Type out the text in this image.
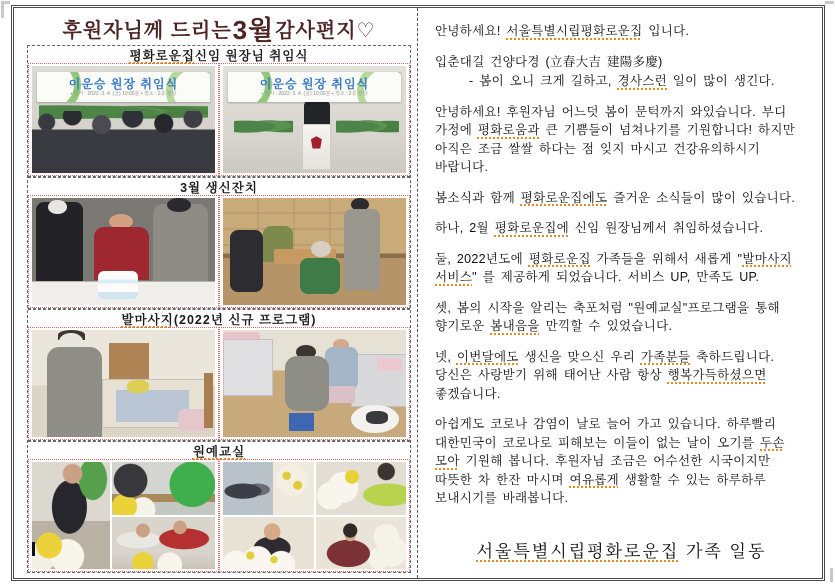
후원자님께 드리는 3월 감사편지♡
평화로운집 신임 원장님 취임식
이운승 원장 취임식
▪ 일시 : 2022. 3. 4. (금) 10:00분 ▪ 장소 : 2층 강당
이운승 원장 취임식
▪ 일시 : 2022. 3. 4. (금) 10:00분 ▪ 장소 : 2층 강당
3월 생신잔치
발마사지 (2022년 신규 프로그램)
원예교실

안녕하세요! 서울특별시립평화로운집 입니다.

입춘대길 건양다경 (立春大吉 建陽多慶)

- 봄이 오니 크게 길하고, 경사스런 일이 많이 생긴다.

안녕하세요! 후원자님 어느덧 봄이 문턱까지 와있습니다. 부디 가정에 평화로움과 큰 기쁨들이 넘쳐나기를 기원합니다! 하지만 아직은 조금 쌀쌀 하다는 점 잊지 마시고 건강유의하시기 바랍니다.

봄소식과 함께 평화로운집에도 즐거운 소식들이 많이 있습니다.

하나, 2월 평화로운집에 신임 원장님께서 취임하셨습니다.

둘, 2022년도에 평화로운집 가족들을 위해서 새롭게 "발마사지 서비스" 를 제공하게 되었습니다. 서비스 UP, 만족도 UP.

셋, 봄의 시작을 알리는 축포처럼 "원예교실"프로그램을 통해 향기로운 봄내음을 만끽할 수 있었습니다.

넷, 이번달에도 생신을 맞으신 우리 가족분들 축하드립니다. 당신은 사랑받기 위해 태어난 사람 항상 행복가득하셨으면 좋겠습니다.

아쉽게도 코로나 감염이 날로 늘어 가고 있습니다. 하루빨리 대한민국이 코로나로 피해보는 이들이 없는 날이 오기를 두손 모아 기원해 봅니다. 후원자님 조금은 어수선한 시국이지만 따뜻한 차 한잔 마시며 여유롭게 생활할 수 있는 하루하루 보내시기를 바래봅니다.

서울특별시립평화로운집 가족 일동
